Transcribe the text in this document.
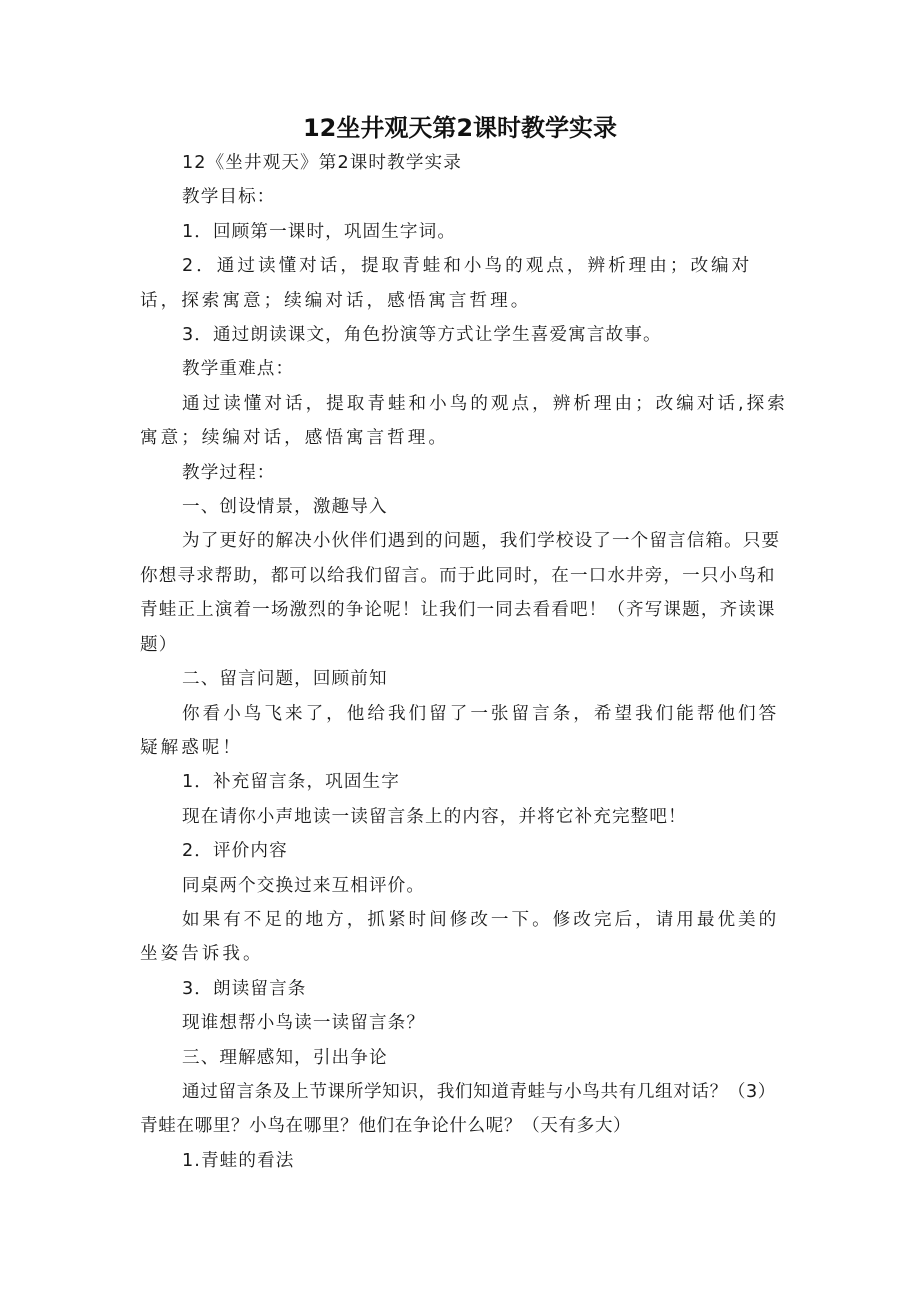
12坐井观天第2课时教学实录

12《坐井观天》第2课时教学实录

教学目标：

1．回顾第一课时，巩固生字词。

2．通过读懂对话，提取青蛙和小鸟的观点，辨析理由；改编对话，探索寓意；续编对话，感悟寓言哲理。

3．通过朗读课文，角色扮演等方式让学生喜爱寓言故事。

教学重难点：

通过读懂对话，提取青蛙和小鸟的观点，辨析理由；改编对话,探索寓意；续编对话，感悟寓言哲理。

教学过程：

一、创设情景，激趣导入

为了更好的解决小伙伴们遇到的问题，我们学校设了一个留言信箱。只要你想寻求帮助，都可以给我们留言。而于此同时，在一口水井旁，一只小鸟和青蛙正上演着一场激烈的争论呢！让我们一同去看看吧！（齐写课题，齐读课题）

二、留言问题，回顾前知

你看小鸟飞来了，他给我们留了一张留言条，希望我们能帮他们答疑解惑呢！

1．补充留言条，巩固生字

现在请你小声地读一读留言条上的内容，并将它补充完整吧！

2．评价内容

同桌两个交换过来互相评价。

如果有不足的地方，抓紧时间修改一下。修改完后，请用最优美的坐姿告诉我。

3．朗读留言条

现谁想帮小鸟读一读留言条？

三、理解感知，引出争论

通过留言条及上节课所学知识，我们知道青蛙与小鸟共有几组对话？（3）青蛙在哪里？小鸟在哪里？他们在争论什么呢？（天有多大）

1.青蛙的看法
